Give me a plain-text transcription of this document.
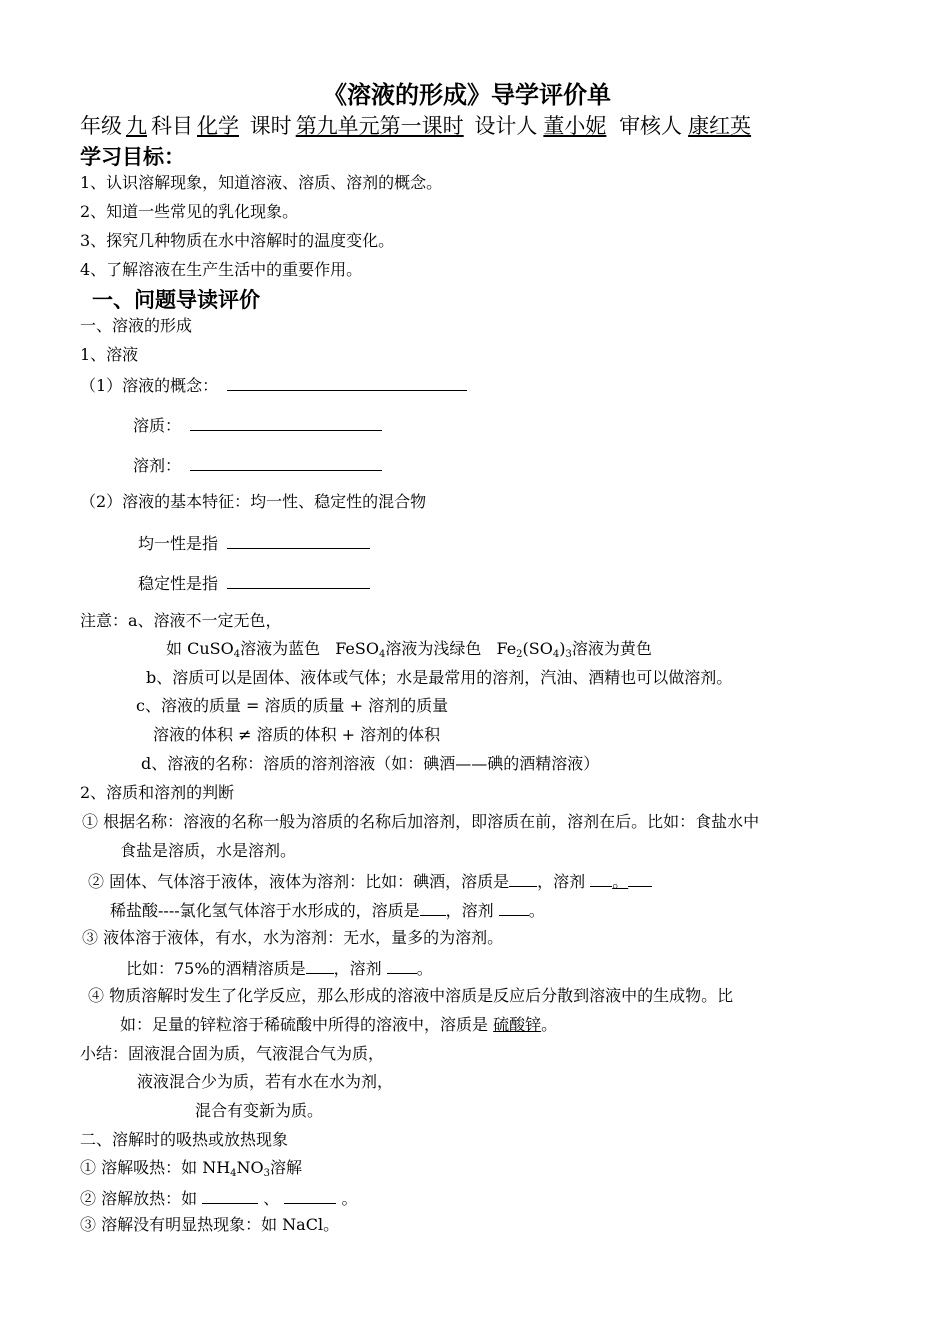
《溶液的形成》导学评价单
年级 九 科目 化学 课时 第九单元第一课时 设计人 董小妮 审核人 康红英
学习目标：
1、认识溶解现象，知道溶液、溶质、溶剂的概念。
2、知道一些常见的乳化现象。
3、探究几种物质在水中溶解时的温度变化。
4、了解溶液在生产生活中的重要作用。
一、问题导读评价
一、溶液的形成
1、溶液
（1）溶液的概念：
溶质：
溶剂：
（2）溶液的基本特征：均一性、稳定性的混合物
均一性是指
稳定性是指
注意：a、溶液不一定无色，
如 CuSO$_4$溶液为蓝色 FeSO$_4$溶液为浅绿色 $Fe_2(SO_4)_3$溶液为黄色
b、溶质可以是固体、液体或气体；水是最常用的溶剂，汽油、酒精也可以做溶剂。
c、溶液的质量 = 溶质的质量 + 溶剂的质量
溶液的体积 ≠ 溶质的体积 + 溶剂的体积
d、溶液的名称：溶质的溶剂溶液（如：碘酒——碘的酒精溶液）
2、溶质和溶剂的判断
① 根据名称：溶液的名称一般为溶质的名称后加溶剂，即溶质在前，溶剂在后。比如：食盐水中
食盐是溶质，水是溶剂。
② 固体、气体溶于液体，液体为溶剂：比如：碘酒，溶质是 ，溶剂 。
稀盐酸----氯化氢气体溶于水形成的，溶质是 ，溶剂 。
③ 液体溶于液体，有水，水为溶剂：无水，量多的为溶剂。
比如：75%的酒精溶质是 ，溶剂 。
④ 物质溶解时发生了化学反应，那么形成的溶液中溶质是反应后分散到溶液中的生成物。比
如：足量的锌粒溶于稀硫酸中所得的溶液中，溶质是 硫酸锌。
小结：固液混合固为质，气液混合气为质，
液液混合少为质，若有水在水为剂，
混合有变新为质。
二、溶解时的吸热或放热现象
① 溶解吸热：如 $NH_4NO_3$溶解
② 溶解放热：如	、	。
③ 溶解没有明显热现象：如 NaCl。
